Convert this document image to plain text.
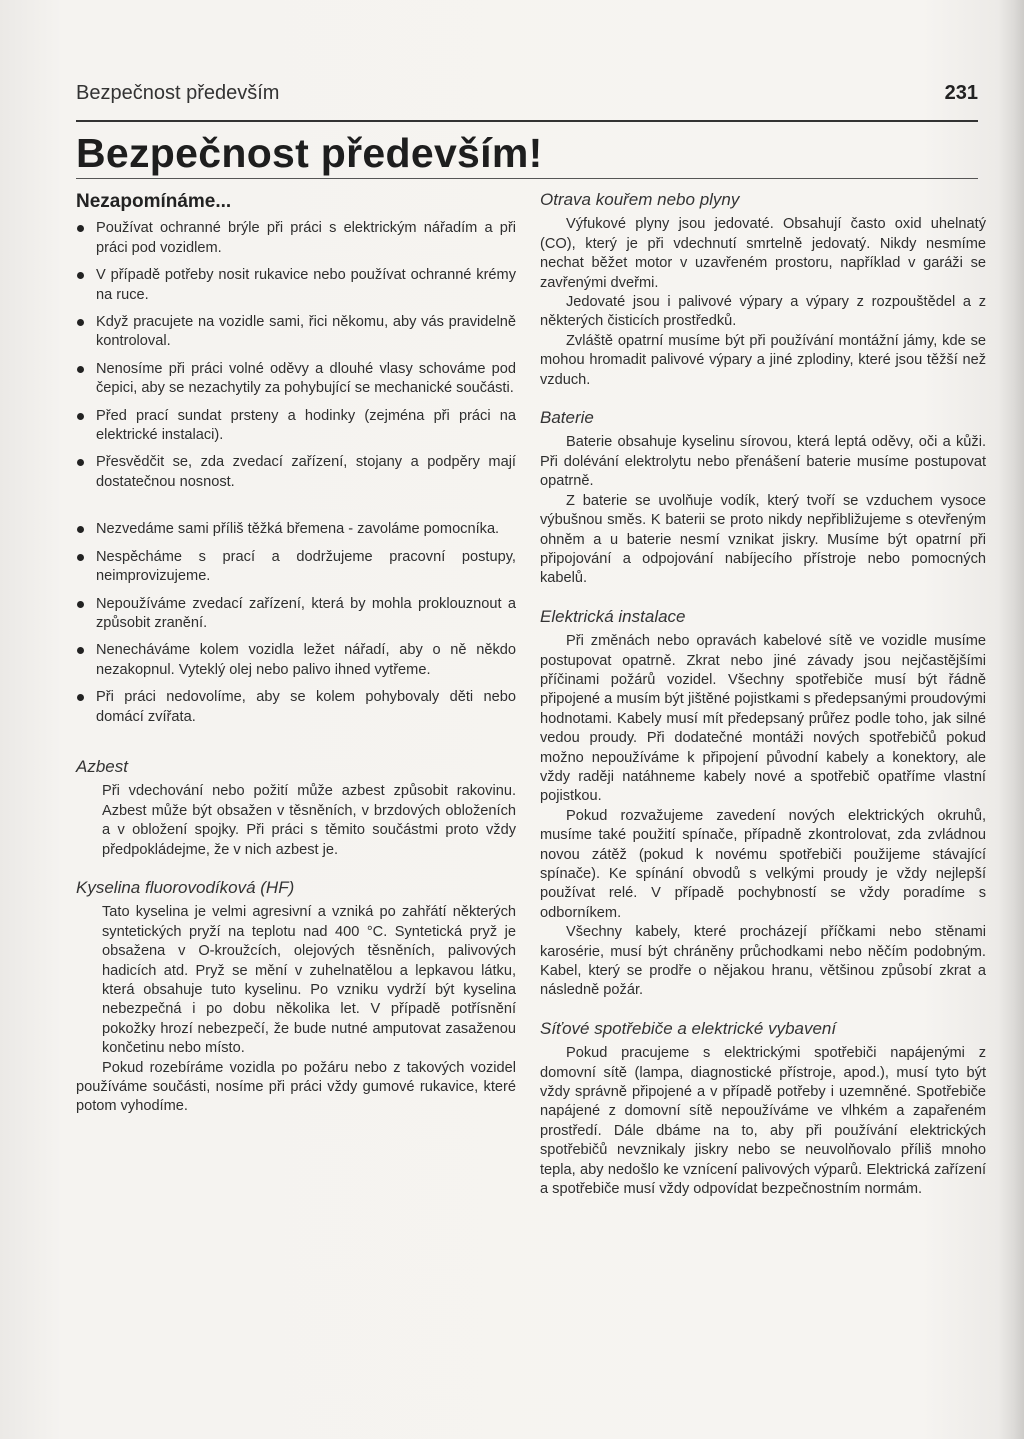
Bezpečnost především	231
Bezpečnost především!
Nezapomínáme...
Používat ochranné brýle při práci s elektrickým nářadím a při práci pod vozidlem.
V případě potřeby nosit rukavice nebo používat ochranné krémy na ruce.
Když pracujete na vozidle sami, řici někomu, aby vás pravidelně kontroloval.
Nenosíme při práci volné oděvy a dlouhé vlasy schováme pod čepici, aby se nezachytily za pohybující se mechanické součásti.
Před prací sundat prsteny a hodinky (zejména při práci na elektrické instalaci).
Přesvědčit se, zda zvedací zařízení, stojany a podpěry mají dostatečnou nosnost.
Nezvedáme sami příliš těžká břemena - zavoláme pomocníka.
Nespěcháme s prací a dodržujeme pracovní postupy, neimprovizujeme.
Nepoužíváme zvedací zařízení, která by mohla proklouznout a způsobit zranění.
Nenecháváme kolem vozidla ležet nářadí, aby o ně někdo nezakopnul. Vyteklý olej nebo palivo ihned vytřeme.
Při práci nedovolíme, aby se kolem pohybovaly děti nebo domácí zvířata.
Azbest

Při vdechování nebo požití může azbest způsobit rakovinu. Azbest může být obsažen v těsněních, v brzdových obloženích a v obložení spojky. Při práci s těmito součástmi proto vždy předpokládejme, že v nich azbest je.

Kyselina fluorovodíková (HF)

Tato kyselina je velmi agresivní a vzniká po zahřátí některých syntetických pryží na teplotu nad 400 °C. Syntetická pryž je obsažena v O-kroužcích, olejových těsněních, palivových hadicích atd. Pryž se mění v zuhelnatělou a lepkavou látku, která obsahuje tuto kyselinu. Po vzniku vydrží být kyselina nebezpečná i po dobu několika let. V případě potřísnění pokožky hrozí nebezpečí, že bude nutné amputovat zasaženou končetinu nebo místo.

Pokud rozebíráme vozidla po požáru nebo z takových vozidel používáme součásti, nosíme při práci vždy gumové rukavice, které potom vyhodíme.

Otrava kouřem nebo plyny

Výfukové plyny jsou jedovaté. Obsahují často oxid uhelnatý (CO), který je při vdechnutí smrtelně jedovatý. Nikdy nesmíme nechat běžet motor v uzavřeném prostoru, například v garáži se zavřenými dveřmi.

Jedovaté jsou i palivové výpary a výpary z rozpouštědel a z některých čisticích prostředků.

Zvláště opatrní musíme být při používání montážní jámy, kde se mohou hromadit palivové výpary a jiné zplodiny, které jsou těžší než vzduch.

Baterie

Baterie obsahuje kyselinu sírovou, která leptá oděvy, oči a kůži. Při dolévání elektrolytu nebo přenášení baterie musíme postupovat opatrně.

Z baterie se uvolňuje vodík, který tvoří se vzduchem vysoce výbušnou směs. K baterii se proto nikdy nepřibližujeme s otevřeným ohněm a u baterie nesmí vznikat jiskry. Musíme být opatrní při připojování a odpojování nabíjecího přístroje nebo pomocných kabelů.

Elektrická instalace

Při změnách nebo opravách kabelové sítě ve vozidle musíme postupovat opatrně. Zkrat nebo jiné závady jsou nejčastějšími příčinami požárů vozidel. Všechny spotřebiče musí být řádně připojené a musím být jištěné pojistkami s předepsanými proudovými hodnotami. Kabely musí mít předepsaný průřez podle toho, jak silné vedou proudy. Při dodatečné montáži nových spotřebičů pokud možno nepoužíváme k připojení původní kabely a konektory, ale vždy raději natáhneme kabely nové a spotřebič opatříme vlastní pojistkou.

Pokud rozvažujeme zavedení nových elektrických okruhů, musíme také použití spínače, případně zkontrolovat, zda zvládnou novou zátěž (pokud k novému spotřebiči použijeme stávající spínače). Ke spínání obvodů s velkými proudy je vždy nejlepší používat relé. V případě pochybností se vždy poradíme s odborníkem.

Všechny kabely, které procházejí příčkami nebo stěnami karosérie, musí být chráněny průchodkami nebo něčím podobným. Kabel, který se prodře o nějakou hranu, většinou způsobí zkrat a následně požár.

Síťové spotřebiče a elektrické vybavení

Pokud pracujeme s elektrickými spotřebiči napájenými z domovní sítě (lampa, diagnostické přístroje, apod.), musí tyto být vždy správně připojené a v případě potřeby i uzemněné. Spotřebiče napájené z domovní sítě nepoužíváme ve vlhkém a zapařeném prostředí. Dále dbáme na to, aby při používání elektrických spotřebičů nevznikaly jiskry nebo se neuvolňovalo příliš mnoho tepla, aby nedošlo ke vznícení palivových výparů. Elektrická zařízení a spotřebiče musí vždy odpovídat bezpečnostním normám.
